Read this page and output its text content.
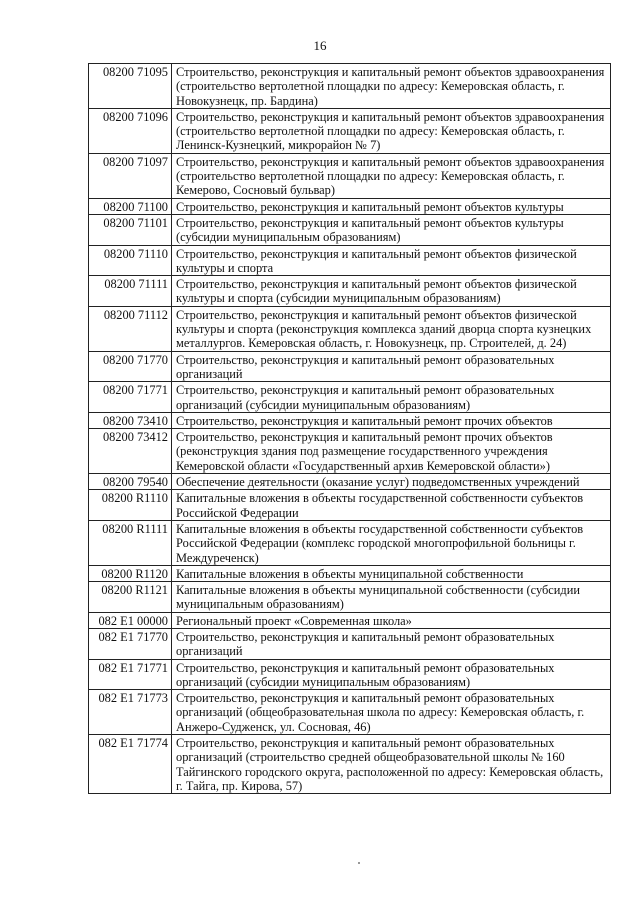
16
08200 71095	Строительство, реконструкция и капитальный ремонт объектов здравоохранения (строительство вертолетной площадки по адресу: Кемеровская область, г. Новокузнецк, пр. Бардина)
08200 71096	Строительство, реконструкция и капитальный ремонт объектов здравоохранения (строительство вертолетной площадки по адресу: Кемеровская область, г. Ленинск-Кузнецкий, микрорайон № 7)
08200 71097	Строительство, реконструкция и капитальный ремонт объектов здравоохранения (строительство вертолетной площадки по адресу: Кемеровская область, г. Кемерово, Сосновый бульвар)
08200 71100	Строительство, реконструкция и капитальный ремонт объектов культуры
08200 71101	Строительство, реконструкция и капитальный ремонт объектов культуры (субсидии муниципальным образованиям)
08200 71110	Строительство, реконструкция и капитальный ремонт объектов физической культуры и спорта
08200 71111	Строительство, реконструкция и капитальный ремонт объектов физической культуры и спорта (субсидии муниципальным образованиям)
08200 71112	Строительство, реконструкция и капитальный ремонт объектов физической культуры и спорта (реконструкция комплекса зданий дворца спорта кузнецких металлургов. Кемеровская область, г. Новокузнецк, пр. Строителей, д. 24)
08200 71770	Строительство, реконструкция и капитальный ремонт образовательных организаций
08200 71771	Строительство, реконструкция и капитальный ремонт образовательных организаций (субсидии муниципальным образованиям)
08200 73410	Строительство, реконструкция и капитальный ремонт прочих объектов
08200 73412	Строительство, реконструкция и капитальный ремонт прочих объектов (реконструкция здания под размещение государственного учреждения Кемеровской области «Государственный архив Кемеровской области»)
08200 79540	Обеспечение деятельности (оказание услуг) подведомственных учреждений
08200 R1110	Капитальные вложения в объекты государственной собственности субъектов Российской Федерации
08200 R1111	Капитальные вложения в объекты государственной собственности субъектов Российской Федерации (комплекс городской многопрофильной больницы г. Междуреченск)
08200 R1120	Капитальные вложения в объекты муниципальной собственности
08200 R1121	Капитальные вложения в объекты муниципальной собственности (субсидии муниципальным образованиям)
082 E1 00000	Региональный проект «Современная школа»
082 E1 71770	Строительство, реконструкция и капитальный ремонт образовательных организаций
082 E1 71771	Строительство, реконструкция и капитальный ремонт образовательных организаций (субсидии муниципальным образованиям)
082 E1 71773	Строительство, реконструкция и капитальный ремонт образовательных организаций (общеобразовательная школа по адресу: Кемеровская область, г. Анжеро-Судженск, ул. Сосновая, 46)
082 E1 71774	Строительство, реконструкция и капитальный ремонт образовательных организаций (строительство средней общеобразовательной школы № 160 Тайгинского городского округа, расположенной по адресу: Кемеровская область, г. Тайга, пр. Кирова, 57)
